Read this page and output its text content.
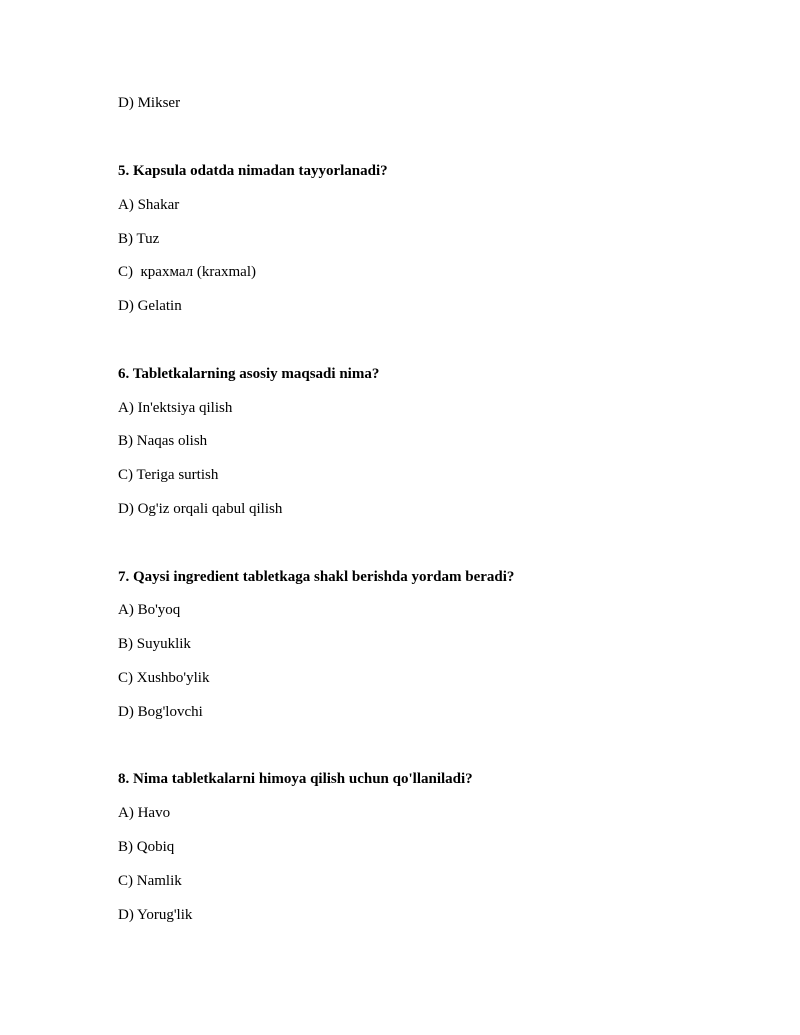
D) Mikser
5. Kapsula odatda nimadan tayyorlanadi?
A) Shakar
B) Tuz
C)  крахмал (kraxmal)
D) Gelatin
6. Tabletkalarning asosiy maqsadi nima?
A) In'ektsiya qilish
B) Naqas olish
C) Teriga surtish
D) Og'iz orqali qabul qilish
7. Qaysi ingredient tabletkaga shakl berishda yordam beradi?
A) Bo'yoq
B) Suyuklik
C) Xushbo'ylik
D) Bog'lovchi
8. Nima tabletkalarni himoya qilish uchun qo'llaniladi?
A) Havo
B) Qobiq
C) Namlik
D) Yorug'lik
